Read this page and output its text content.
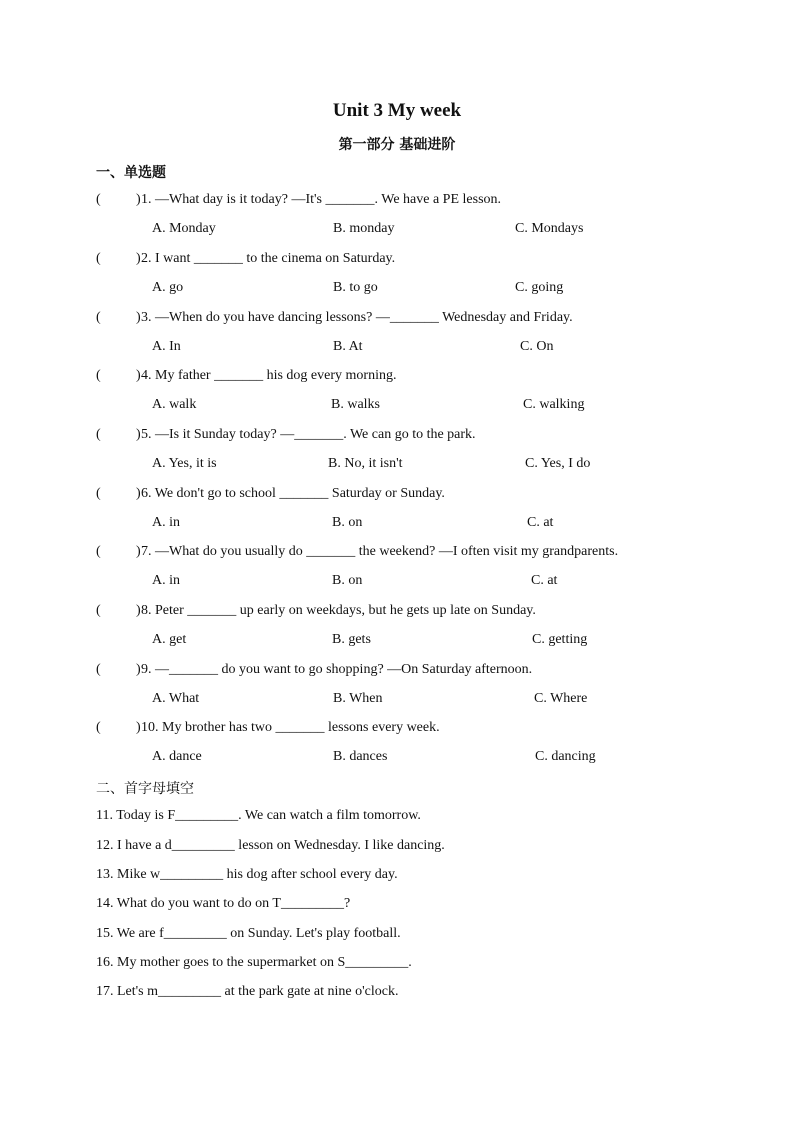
Unit 3 My week
第一部分 基础进阶
一、单选题
(	) 1. —What day is it today? —It's _______. We have a PE lesson.
A. Monday	B. monday	C. Mondays
(	) 2. I want _______ to the cinema on Saturday.
A. go	B. to go	C. going
(	) 3. —When do you have dancing lessons? —_______ Wednesday and Friday.
A. In	B. At	C. On
(	) 4. My father _______ his dog every morning.
A. walk	B. walks	C. walking
(	) 5. —Is it Sunday today? —_______. We can go to the park.
A. Yes, it is	B. No, it isn't	C. Yes, I do
(	) 6. We don't go to school _______ Saturday or Sunday.
A. in	B. on	C. at
(	) 7. —What do you usually do _______ the weekend? —I often visit my grandparents.
A. in	B. on	C. at
(	) 8. Peter _______ up early on weekdays, but he gets up late on Sunday.
A. get	B. gets	C. getting
(	) 9. —_______ do you want to go shopping? —On Saturday afternoon.
A. What	B. When	C. Where
(	) 10. My brother has two _______ lessons every week.
A. dance	B. dances	C. dancing
二、首字母填空
11. Today is F_________. We can watch a film tomorrow.
12. I have a d_________ lesson on Wednesday. I like dancing.
13. Mike w_________ his dog after school every day.
14. What do you want to do on T_________?
15. We are f_________ on Sunday. Let's play football.
16. My mother goes to the supermarket on S_________.
17. Let's m_________ at the park gate at nine o'clock.
